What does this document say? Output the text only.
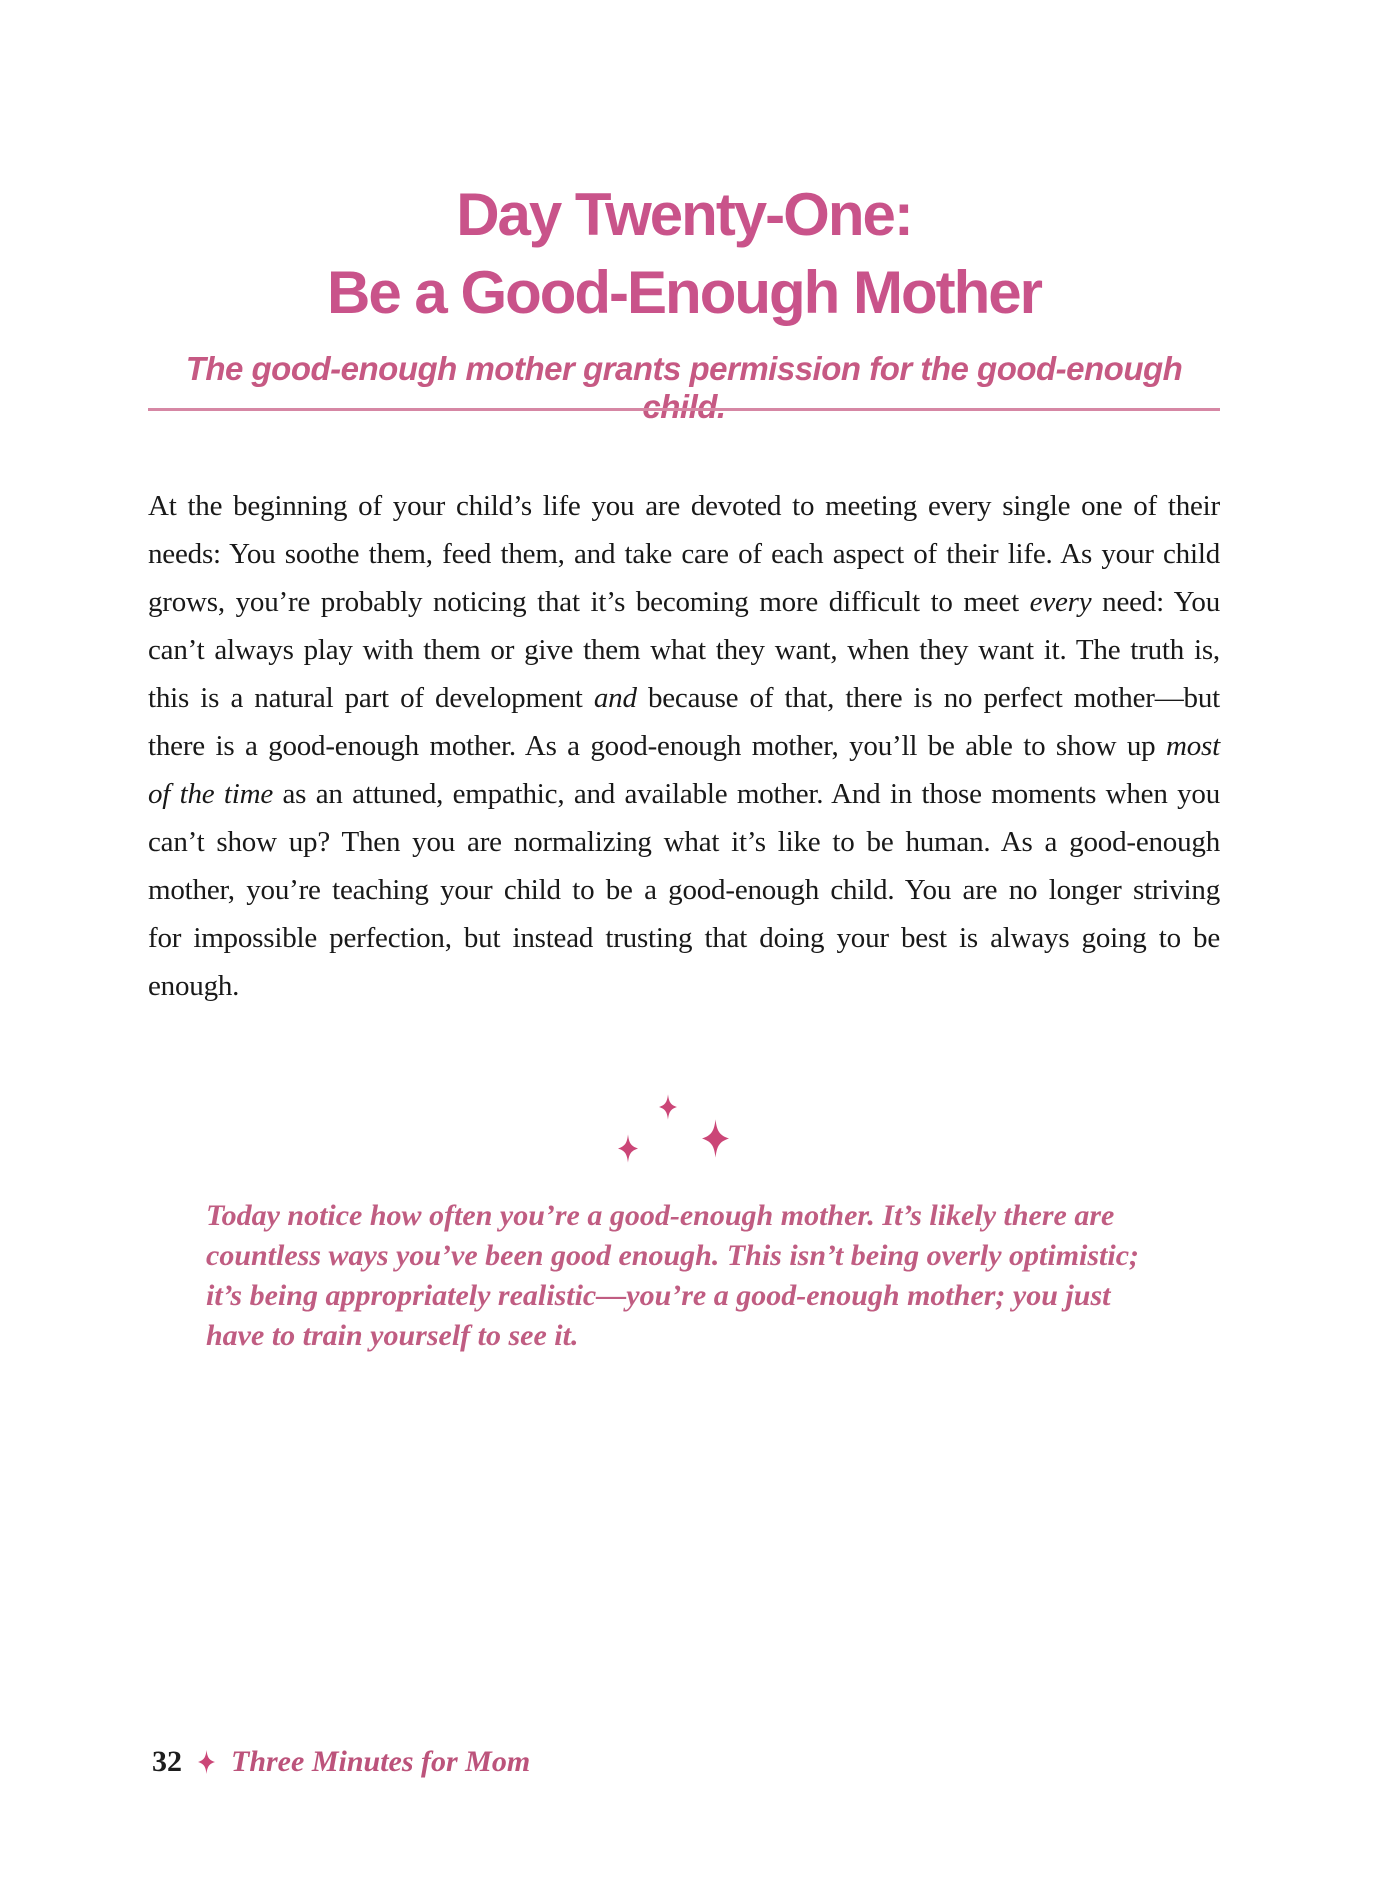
Day Twenty-One:
Be a Good-Enough Mother
The good-enough mother grants permission for the good-enough child.

At the beginning of your child’s life you are devoted to meeting every single one of their needs: You soothe them, feed them, and take care of each aspect of their life. As your child grows, you’re probably noticing that it’s becoming more difficult to meet every need: You can’t always play with them or give them what they want, when they want it. The truth is, this is a natural part of development and because of that, there is no perfect mother—but there is a good-enough mother. As a good-enough mother, you’ll be able to show up most of the time as an attuned, empathic, and available mother. And in those moments when you can’t show up? Then you are normalizing what it’s like to be human. As a good-enough mother, you’re teaching your child to be a good-enough child. You are no longer striving for impossible perfection, but instead trusting that doing your best is always going to be enough.

Today notice how often you’re a good-enough mother. It’s likely there are countless ways you’ve been good enough. This isn’t being overly optimistic; it’s being appropriately realistic—you’re a good-enough mother; you just have to train yourself to see it.

32 Three Minutes for Mom
